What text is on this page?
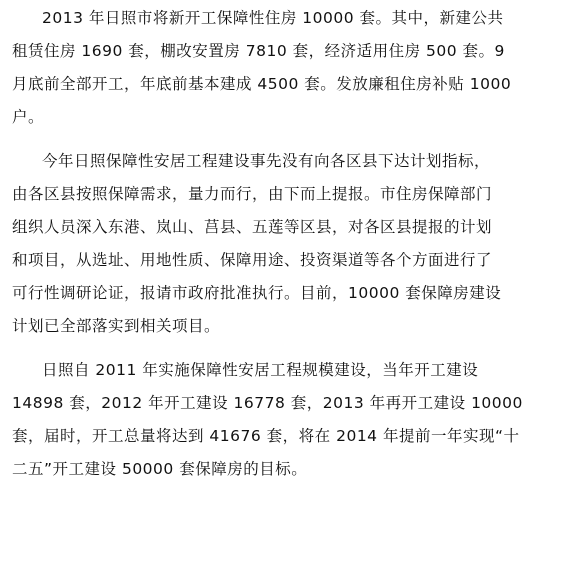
2013 年日照市将新开工保障性住房 10000 套。其中，新建公共
租赁住房 1690 套，棚改安置房 7810 套，经济适用住房 500 套。9
月底前全部开工，年底前基本建成 4500 套。发放廉租住房补贴 1000
户。
今年日照保障性安居工程建设事先没有向各区县下达计划指标，
由各区县按照保障需求，量力而行，由下而上提报。市住房保障部门
组织人员深入东港、岚山、莒县、五莲等区县，对各区县提报的计划
和项目，从选址、用地性质、保障用途、投资渠道等各个方面进行了
可行性调研论证，报请市政府批准执行。目前，10000 套保障房建设
计划已全部落实到相关项目。
日照自 2011 年实施保障性安居工程规模建设，当年开工建设
14898 套，2012 年开工建设 16778 套，2013 年再开工建设 10000
套，届时，开工总量将达到 41676 套，将在 2014 年提前一年实现“十
二五”开工建设 50000 套保障房的目标。
